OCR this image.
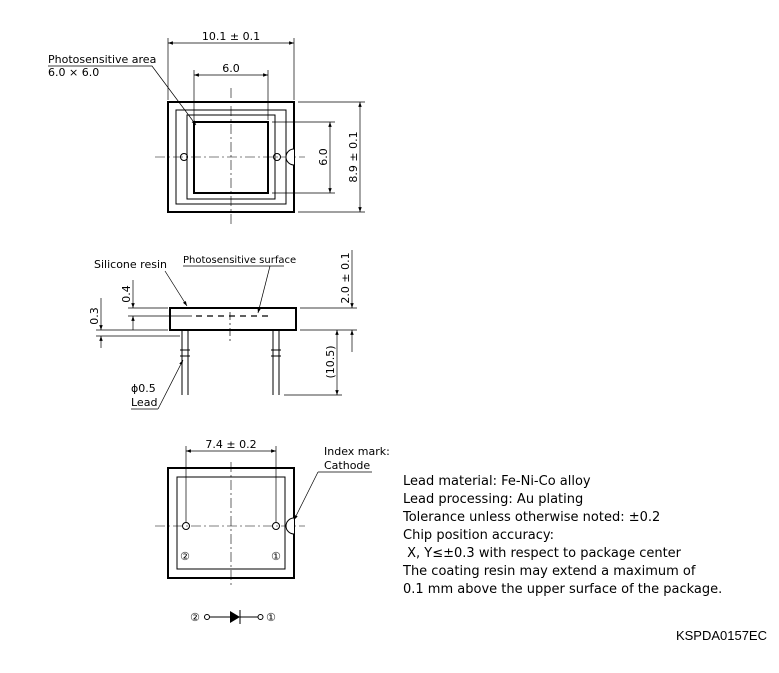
10.1 ± 0.1
6.0
6.0 8.9 ± 0.1
Photosensitive area
6.0 × 6.0
Silicone resin Photosensitive surface	2.0 ± 0.1
(10.5)
0.4
0.3
ϕ0.5
Lead
②	①
7.4 ± 0.2
Index mark:
Cathode
②	①
Lead material: Fe-Ni-Co alloy
Lead processing: Au plating
Tolerance unless otherwise noted: ±0.2
Chip position accuracy:
X, Y≤±0.3 with respect to package center
The coating resin may extend a maximum of
0.1 mm above the upper surface of the package.
KSPDA0157EC
